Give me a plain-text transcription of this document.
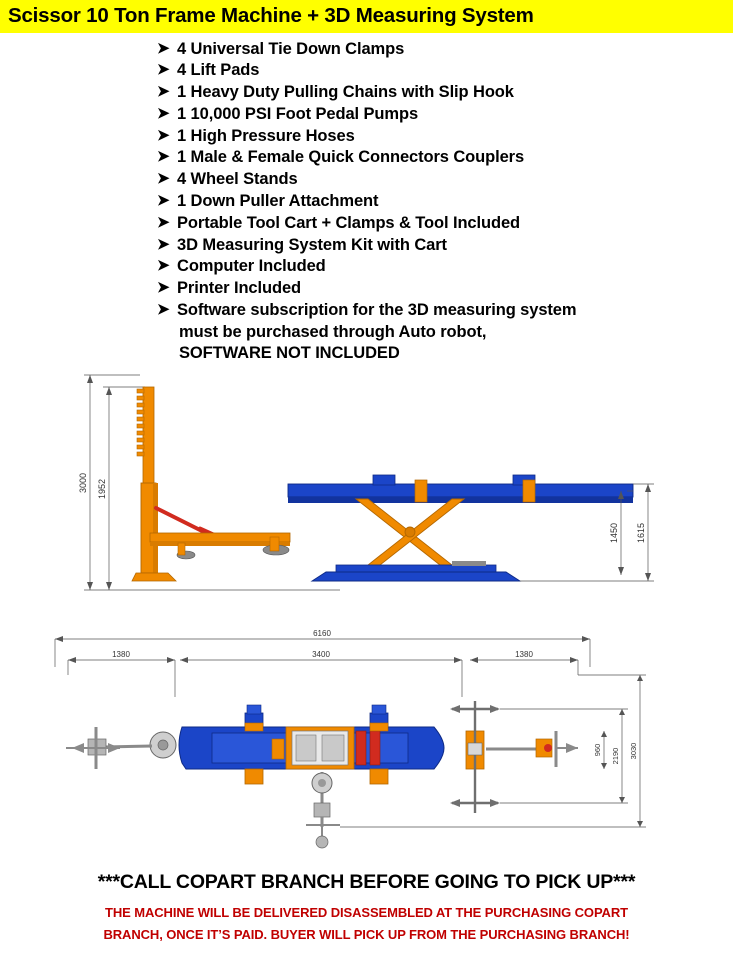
Scissor 10 Ton Frame Machine + 3D Measuring System
➤ 4 Universal Tie Down Clamps
➤ 4 Lift Pads
➤ 1 Heavy Duty Pulling Chains with Slip Hook
➤ 1 10,000 PSI Foot Pedal Pumps
➤ 1 High Pressure Hoses
➤ 1 Male & Female Quick Connectors Couplers
➤ 4 Wheel Stands
➤ 1 Down Puller Attachment
➤ Portable Tool Cart + Clamps & Tool Included
➤ 3D Measuring System Kit with Cart
➤ Computer Included
➤ Printer Included
➤ Software subscription for the 3D measuring system
must be purchased through Auto robot,
SOFTWARE NOT INCLUDED
3000 1952
1450 1615
6160
1380	3400	1380
960 2190 3030
***CALL COPART BRANCH BEFORE GOING TO PICK UP***
THE MACHINE WILL BE DELIVERED DISASSEMBLED AT THE PURCHASING COPART
BRANCH, ONCE IT’S PAID. BUYER WILL PICK UP FROM THE PURCHASING BRANCH!
